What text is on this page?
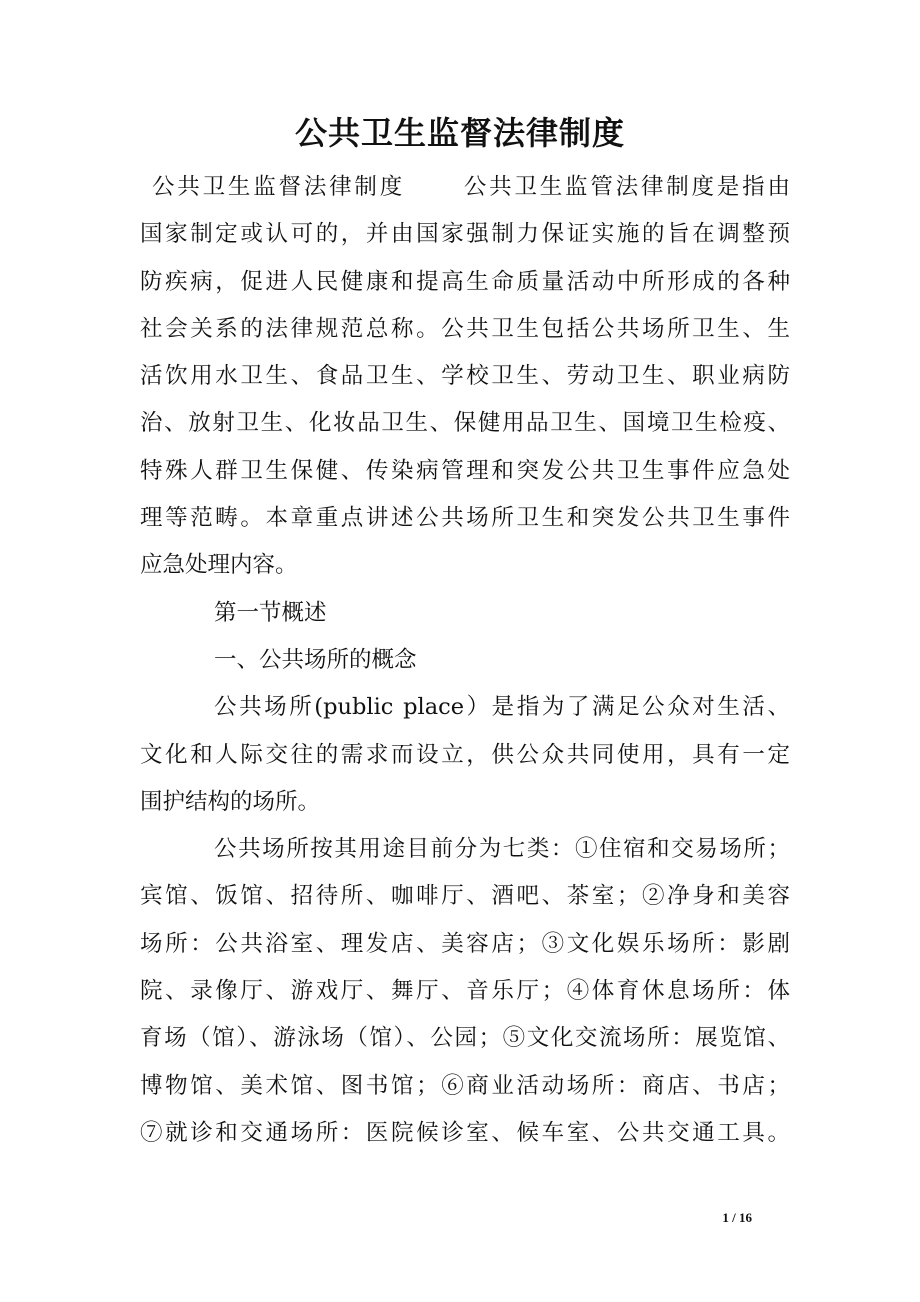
公共卫生监督法律制度
公共卫生监督法律制度 公共卫生监管法律制度是指由
国家制定或认可的，并由国家强制力保证实施的旨在调整预
防疾病，促进人民健康和提高生命质量活动中所形成的各种
社会关系的法律规范总称。公共卫生包括公共场所卫生、生
活饮用水卫生、食品卫生、学校卫生、劳动卫生、职业病防
治、放射卫生、化妆品卫生、保健用品卫生、国境卫生检疫、
特殊人群卫生保健、传染病管理和突发公共卫生事件应急处
理等范畴。本章重点讲述公共场所卫生和突发公共卫生事件
应急处理内容。
第一节概述
一、公共场所的概念
公共场所(public place）是指为了满足公众对生活、
文化和人际交往的需求而设立，供公众共同使用，具有一定
围护结构的场所。
公共场所按其用途目前分为七类：①住宿和交易场所；
宾馆、饭馆、招待所、咖啡厅、酒吧、茶室；②净身和美容
场所：公共浴室、理发店、美容店；③文化娱乐场所：影剧
院、录像厅、游戏厅、舞厅、音乐厅；④体育休息场所：体
育场（馆）、游泳场（馆）、公园；⑤文化交流场所：展览馆、
博物馆、美术馆、图书馆；⑥商业活动场所：商店、书店；
⑦就诊和交通场所：医院候诊室、候车室、公共交通工具。
1 / 16
